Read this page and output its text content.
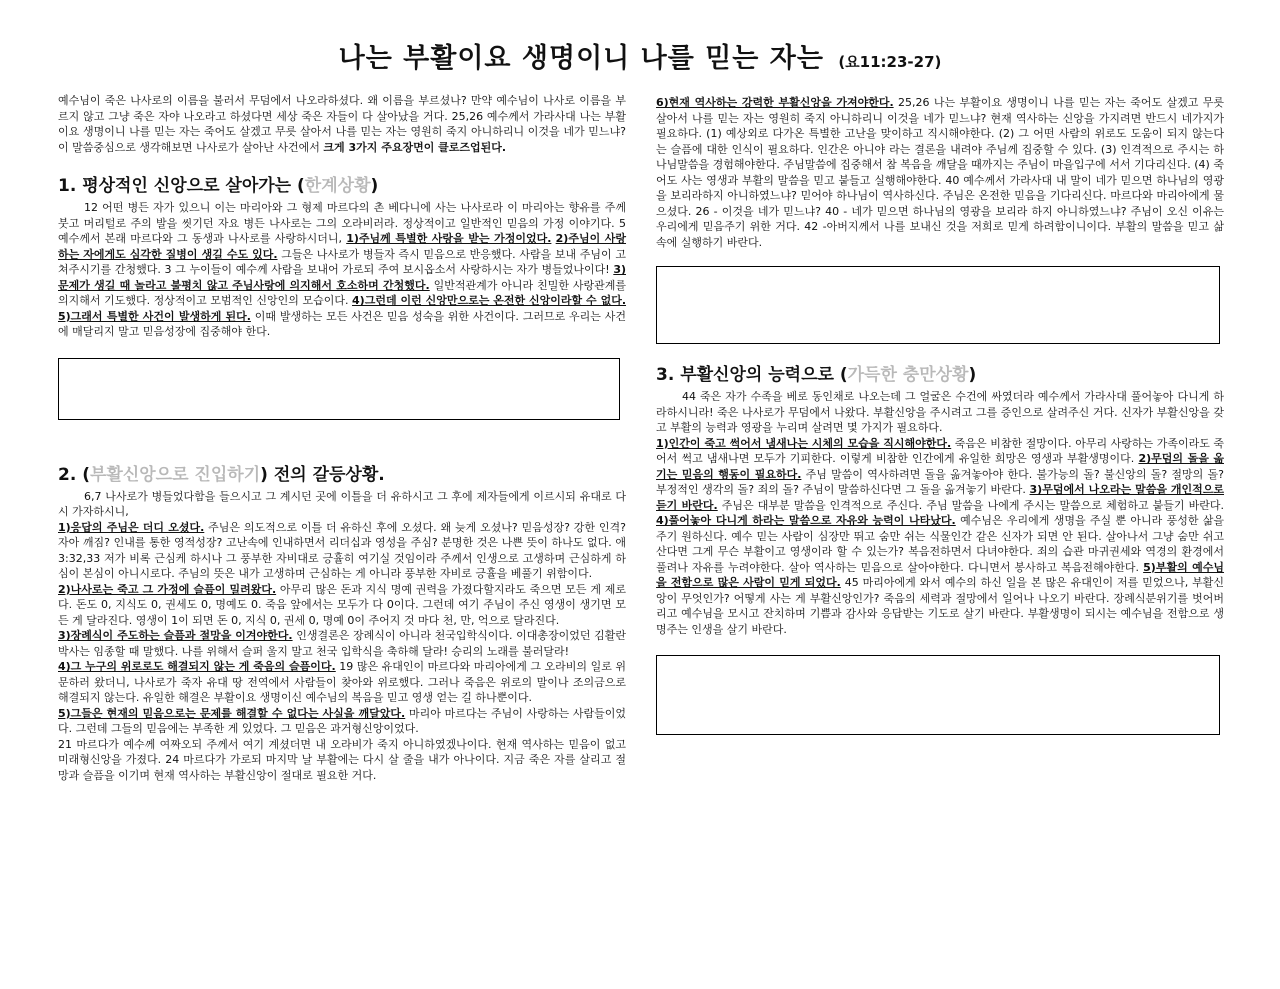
나는 부활이요 생명이니 나를 믿는 자는 (요11:23-27)

예수님이 죽은 나사로의 이름을 불러서 무덤에서 나오라하셨다. 왜 이름을 부르셨나? 만약 예수님이 나사로 이름을 부르지 않고 그냥 죽은 자야 나오라고 하셨다면 세상 죽은 자들이 다 살아났을 거다. 25,26 예수께서 가라사대 나는 부활이요 생명이니 나를 믿는 자는 죽어도 살겠고 무릇 살아서 나를 믿는 자는 영원히 죽지 아니하리니 이것을 네가 믿느냐? 이 말씀중심으로 생각해보면 나사로가 살아난 사건에서 크게 3가지 주요장면이 클로즈업된다.

1. 평상적인 신앙으로 살아가는 (한계상황)

12 어떤 병든 자가 있으니 이는 마리아와 그 형제 마르다의 촌 베다니에 사는 나사로라 이 마리아는 향유를 주께 붓고 머리털로 주의 발을 씻기던 자요 병든 나사로는 그의 오라비러라. 정상적이고 일반적인 믿음의 가정 이야기다. 5 예수께서 본래 마르다와 그 동생과 나사로를 사랑하시더니, 1)주님께 특별한 사랑을 받는 가정이었다. 2)주님이 사랑하는 자에게도 심각한 질병이 생길 수도 있다. 그들은 나사로가 병들자 즉시 믿음으로 반응했다. 사람을 보내 주님이 고쳐주시기를 간청했다. 3 그 누이들이 예수께 사람을 보내어 가로되 주여 보시옵소서 사랑하시는 자가 병들었나이다! 3)문제가 생길 때 놀라고 불평치 않고 주님사랑에 의지해서 호소하며 간청했다. 일반적관계가 아니라 친밀한 사랑관계를 의지해서 기도했다. 정상적이고 모범적인 신앙인의 모습이다. 4)그런데 이런 신앙만으로는 온전한 신앙이라할 수 없다. 5)그래서 특별한 사건이 발생하게 된다. 이때 발생하는 모든 사건은 믿음 성숙을 위한 사건이다. 그러므로 우리는 사건에 매달리지 말고 믿음성장에 집중해야 한다.

2. (부활신앙으로 진입하기) 전의 갈등상황.

6,7 나사로가 병들었다함을 들으시고 그 계시던 곳에 이틀을 더 유하시고 그 후에 제자들에게 이르시되 유대로 다시 가자하시니,

1)응답의 주님은 더디 오셨다. 주님은 의도적으로 이틀 더 유하신 후에 오셨다. 왜 늦게 오셨나? 믿음성장? 강한 인격? 자아 깨짐? 인내를 통한 영적성장? 고난속에 인내하면서 리더십과 영성을 주심? 분명한 것은 나쁜 뜻이 하나도 없다. 애3:32,33 저가 비록 근심케 하시나 그 풍부한 자비대로 긍휼히 여기실 것임이라 주께서 인생으로 고생하며 근심하게 하심이 본심이 아니시로다. 주님의 뜻은 내가 고생하며 근심하는 게 아니라 풍부한 자비로 긍휼을 베풀기 위함이다.

2)나사로는 죽고 그 가정에 슬픔이 밀려왔다. 아무리 많은 돈과 지식 명예 권력을 가졌다할지라도 죽으면 모든 게 제로다. 돈도 0, 지식도 0, 권세도 0, 명예도 0. 죽음 앞에서는 모두가 다 0이다. 그런데 여기 주님이 주신 영생이 생기면 모든 게 달라진다. 영생이 1이 되면 돈 0, 지식 0, 권세 0, 명예 0이 주어지 것 마다 천, 만, 억으로 달라진다.

3)장례식이 주도하는 슬픔과 절망을 이겨야한다. 인생결론은 장례식이 아니라 천국입학식이다. 이대총장이었던 김활란박사는 임종할 때 말했다. 나를 위해서 슬퍼 울지 말고 천국 입학식을 축하해 달라! 승리의 노래를 불러달라!

4)그 누구의 위로로도 해결되지 않는 게 죽음의 슬픔이다. 19 많은 유대인이 마르다와 마리아에게 그 오라비의 일로 위문하러 왔더니, 나사로가 죽자 유대 땅 전역에서 사람들이 찾아와 위로했다. 그러나 죽음은 위로의 말이나 조의금으로 해결되지 않는다. 유일한 해결은 부활이요 생명이신 예수님의 복음을 믿고 영생 얻는 길 하나뿐이다.

5)그들은 현재의 믿음으로는 문제를 해결할 수 없다는 사실을 깨달았다. 마리아 마르다는 주님이 사랑하는 사람들이었다. 그런데 그들의 믿음에는 부족한 게 있었다. 그 믿음은 과거형신앙이었다.

21 마르다가 예수께 여짜오되 주께서 여기 계셨더면 내 오라비가 죽지 아니하였겠나이다. 현재 역사하는 믿음이 없고 미래형신앙을 가졌다. 24 마르다가 가로되 마지막 날 부활에는 다시 살 줄을 내가 아나이다. 지금 죽은 자를 살리고 절망과 슬픔을 이기며 현재 역사하는 부활신앙이 절대로 필요한 거다.

6)현재 역사하는 강력한 부활신앙을 가져야한다. 25,26 나는 부활이요 생명이니 나를 믿는 자는 죽어도 살겠고 무릇 살아서 나를 믿는 자는 영원히 죽지 아니하리니 이것을 네가 믿느냐? 현재 역사하는 신앙을 가지려면 반드시 네가지가 필요하다. (1) 예상외로 다가온 특별한 고난을 맞이하고 직시해야한다. (2) 그 어떤 사람의 위로도 도움이 되지 않는다는 슬픔에 대한 인식이 필요하다. 인간은 아니야 라는 결론을 내려야 주님께 집중할 수 있다. (3) 인격적으로 주시는 하나님말씀을 경험해야한다. 주님말씀에 집중해서 참 복음을 깨달을 때까지는 주님이 마을입구에 서서 기다리신다. (4) 죽어도 사는 영생과 부활의 말씀을 믿고 붙들고 실행해야한다. 40 예수께서 가라사대 내 말이 네가 믿으면 하나님의 영광을 보리라하지 아니하였느냐? 믿어야 하나님이 역사하신다. 주님은 온전한 믿음을 기다리신다. 마르다와 마리아에게 물으셨다. 26 - 이것을 네가 믿느냐? 40 - 네가 믿으면 하나님의 영광을 보리라 하지 아니하였느냐? 주님이 오신 이유는 우리에게 믿음주기 위한 거다. 42 -아버지께서 나를 보내신 것을 저희로 믿게 하려함이니이다. 부활의 말씀을 믿고 삶 속에 실행하기 바란다.

3. 부활신앙의 능력으로 (가득한 충만상황)

44 죽은 자가 수족을 베로 동인채로 나오는데 그 얼굴은 수건에 싸였더라 예수께서 가라사대 풀어놓아 다니게 하라하시니라! 죽은 나사로가 무덤에서 나왔다. 부활신앙을 주시려고 그를 증인으로 살려주신 거다. 신자가 부활신앙을 갖고 부활의 능력과 영광을 누리며 살려면 몇 가지가 필요하다.

1)인간이 죽고 썩어서 냄새나는 시체의 모습을 직시해야한다. 죽음은 비참한 절망이다. 아무리 사랑하는 가족이라도 죽어서 썩고 냄새나면 모두가 기피한다. 이렇게 비참한 인간에게 유일한 희망은 영생과 부활생명이다. 2)무덤의 돌을 옮기는 믿음의 행동이 필요하다. 주님 말씀이 역사하려면 돌을 옮겨놓아야 한다. 불가능의 돌? 불신앙의 돌? 절망의 돌? 부정적인 생각의 돌? 죄의 돌? 주님이 말씀하신다면 그 돌을 옮겨놓기 바란다. 3)무덤에서 나오라는 말씀을 개인적으로 듣기 바란다. 주님은 대부분 말씀을 인격적으로 주신다. 주님 말씀을 나에게 주시는 말씀으로 체험하고 붙들기 바란다. 4)풀어놓아 다니게 하라는 말씀으로 자유와 능력이 나타났다. 예수님은 우리에게 생명을 주실 뿐 아니라 풍성한 삶을 주기 원하신다. 예수 믿는 사람이 심장만 뛰고 숨만 쉬는 식물인간 같은 신자가 되면 안 된다. 살아나서 그냥 숨만 쉬고 산다면 그게 무슨 부활이고 영생이라 할 수 있는가? 복음전하면서 다녀야한다. 죄의 습관 마귀권세와 역경의 환경에서 풀려나 자유를 누려야한다. 살아 역사하는 믿음으로 살아야한다. 다니면서 봉사하고 복음전해야한다. 5)부활의 예수님을 전함으로 많은 사람이 믿게 되었다. 45 마리아에게 와서 예수의 하신 일을 본 많은 유대인이 저를 믿었으나, 부활신앙이 무엇인가? 어떻게 사는 게 부활신앙인가? 죽음의 세력과 절망에서 일어나 나오기 바란다. 장례식분위기를 벗어버리고 예수님을 모시고 잔치하며 기쁨과 감사와 응답받는 기도로 살기 바란다. 부활생명이 되시는 예수님을 전함으로 생명주는 인생을 살기 바란다.
